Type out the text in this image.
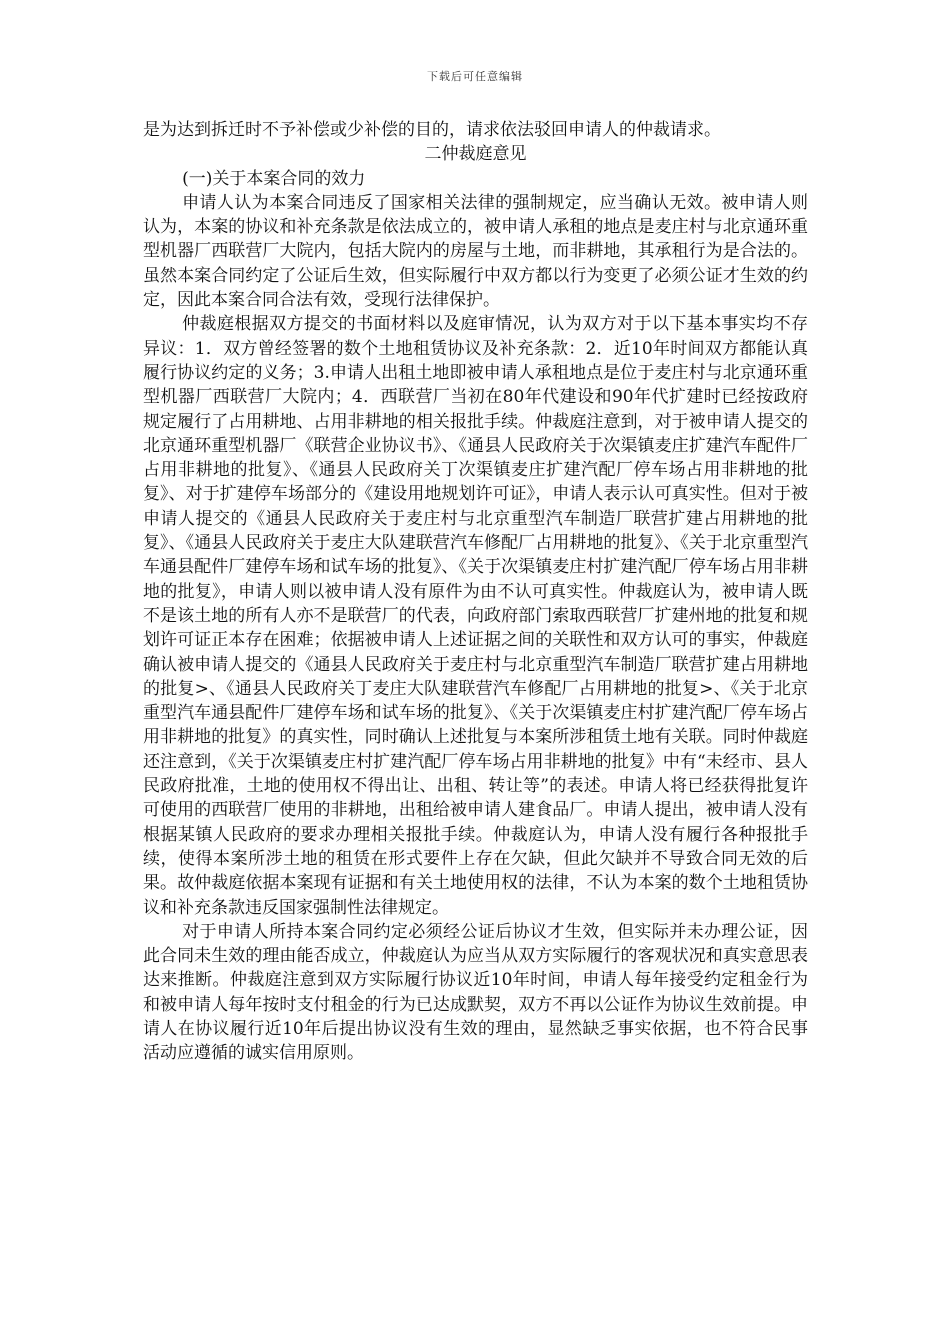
下载后可任意编辑

是为达到拆迁时不予补偿或少补偿的目的，请求依法驳回申请人的仲裁请求。

二仲裁庭意见

(一)关于本案合同的效力

申请人认为本案合同违反了国家相关法律的强制规定，应当确认无效。被申请人则认为，本案的协议和补充条款是依法成立的，被申请人承租的地点是麦庄村与北京通环重型机器厂西联营厂大院内，包括大院内的房屋与土地，而非耕地，其承租行为是合法的。虽然本案合同约定了公证后生效，但实际履行中双方都以行为变更了必须公证才生效的约定，因此本案合同合法有效，受现行法律保护。

仲裁庭根据双方提交的书面材料以及庭审情况，认为双方对于以下基本事实均不存异议：1．双方曾经签署的数个土地租赁协议及补充条款：2．近10年时间双方都能认真履行协议约定的义务；3.申请人出租土地即被申请人承租地点是位于麦庄村与北京通环重型机器厂西联营厂大院内；4．西联营厂当初在80年代建设和90年代扩建时已经按政府规定履行了占用耕地、占用非耕地的相关报批手续。仲裁庭注意到，对于被申请人提交的北京通环重型机器厂《联营企业协议书》、《通县人民政府关于次渠镇麦庄扩建汽车配件厂占用非耕地的批复》、《通县人民政府关丁次渠镇麦庄扩建汽配厂停车场占用非耕地的批复》、对于扩建停车场部分的《建设用地规划许可证》，申请人表示认可真实性。但对于被申请人提交的《通县人民政府关于麦庄村与北京重型汽车制造厂联营扩建占用耕地的批复》、《通县人民政府关于麦庄大队建联营汽车修配厂占用耕地的批复》、《关于北京重型汽车通县配件厂建停车场和试车场的批复》、《关于次渠镇麦庄村扩建汽配厂停车场占用非耕地的批复》，申请人则以被申请人没有原件为由不认可真实性。仲裁庭认为，被申请人既不是该土地的所有人亦不是联营厂的代表，向政府部门索取西联营厂扩建州地的批复和规划许可证正本存在困难；依据被申请人上述证据之间的关联性和双方认可的事实，仲裁庭确认被申请人提交的《通县人民政府关于麦庄村与北京重型汽车制造厂联营扩建占用耕地的批复>、《通县人民政府关丁麦庄大队建联营汽车修配厂占用耕地的批复>、《关于北京重型汽车通县配件厂建停车场和试车场的批复》、《关于次渠镇麦庄村扩建汽配厂停车场占用非耕地的批复》的真实性，同时确认上述批复与本案所涉租赁土地有关联。同时仲裁庭还注意到，《关于次渠镇麦庄村扩建汽配厂停车场占用非耕地的批复》中有“未经市、县人民政府批准，土地的使用权不得出让、出租、转让等”的表述。申请人将已经获得批复许可使用的西联营厂使用的非耕地，出租给被申请人建食品厂。申请人提出，被申请人没有根据某镇人民政府的要求办理相关报批手续。仲裁庭认为，申请人没有履行各种报批手续，使得本案所涉土地的租赁在形式要件上存在欠缺，但此欠缺并不导致合同无效的后果。故仲裁庭依据本案现有证据和有关土地使用权的法律，不认为本案的数个土地租赁协议和补充条款违反国家强制性法律规定。

对于申请人所持本案合同约定必须经公证后协议才生效，但实际并未办理公证，因此合同未生效的理由能否成立，仲裁庭认为应当从双方实际履行的客观状况和真实意思表达来推断。仲裁庭注意到双方实际履行协议近10年时间，申请人每年接受约定租金行为和被申请人每年按时支付租金的行为已达成默契，双方不再以公证作为协议生效前提。申请人在协议履行近10年后提出协议没有生效的理由，显然缺乏事实依据，也不符合民事活动应遵循的诚实信用原则。
